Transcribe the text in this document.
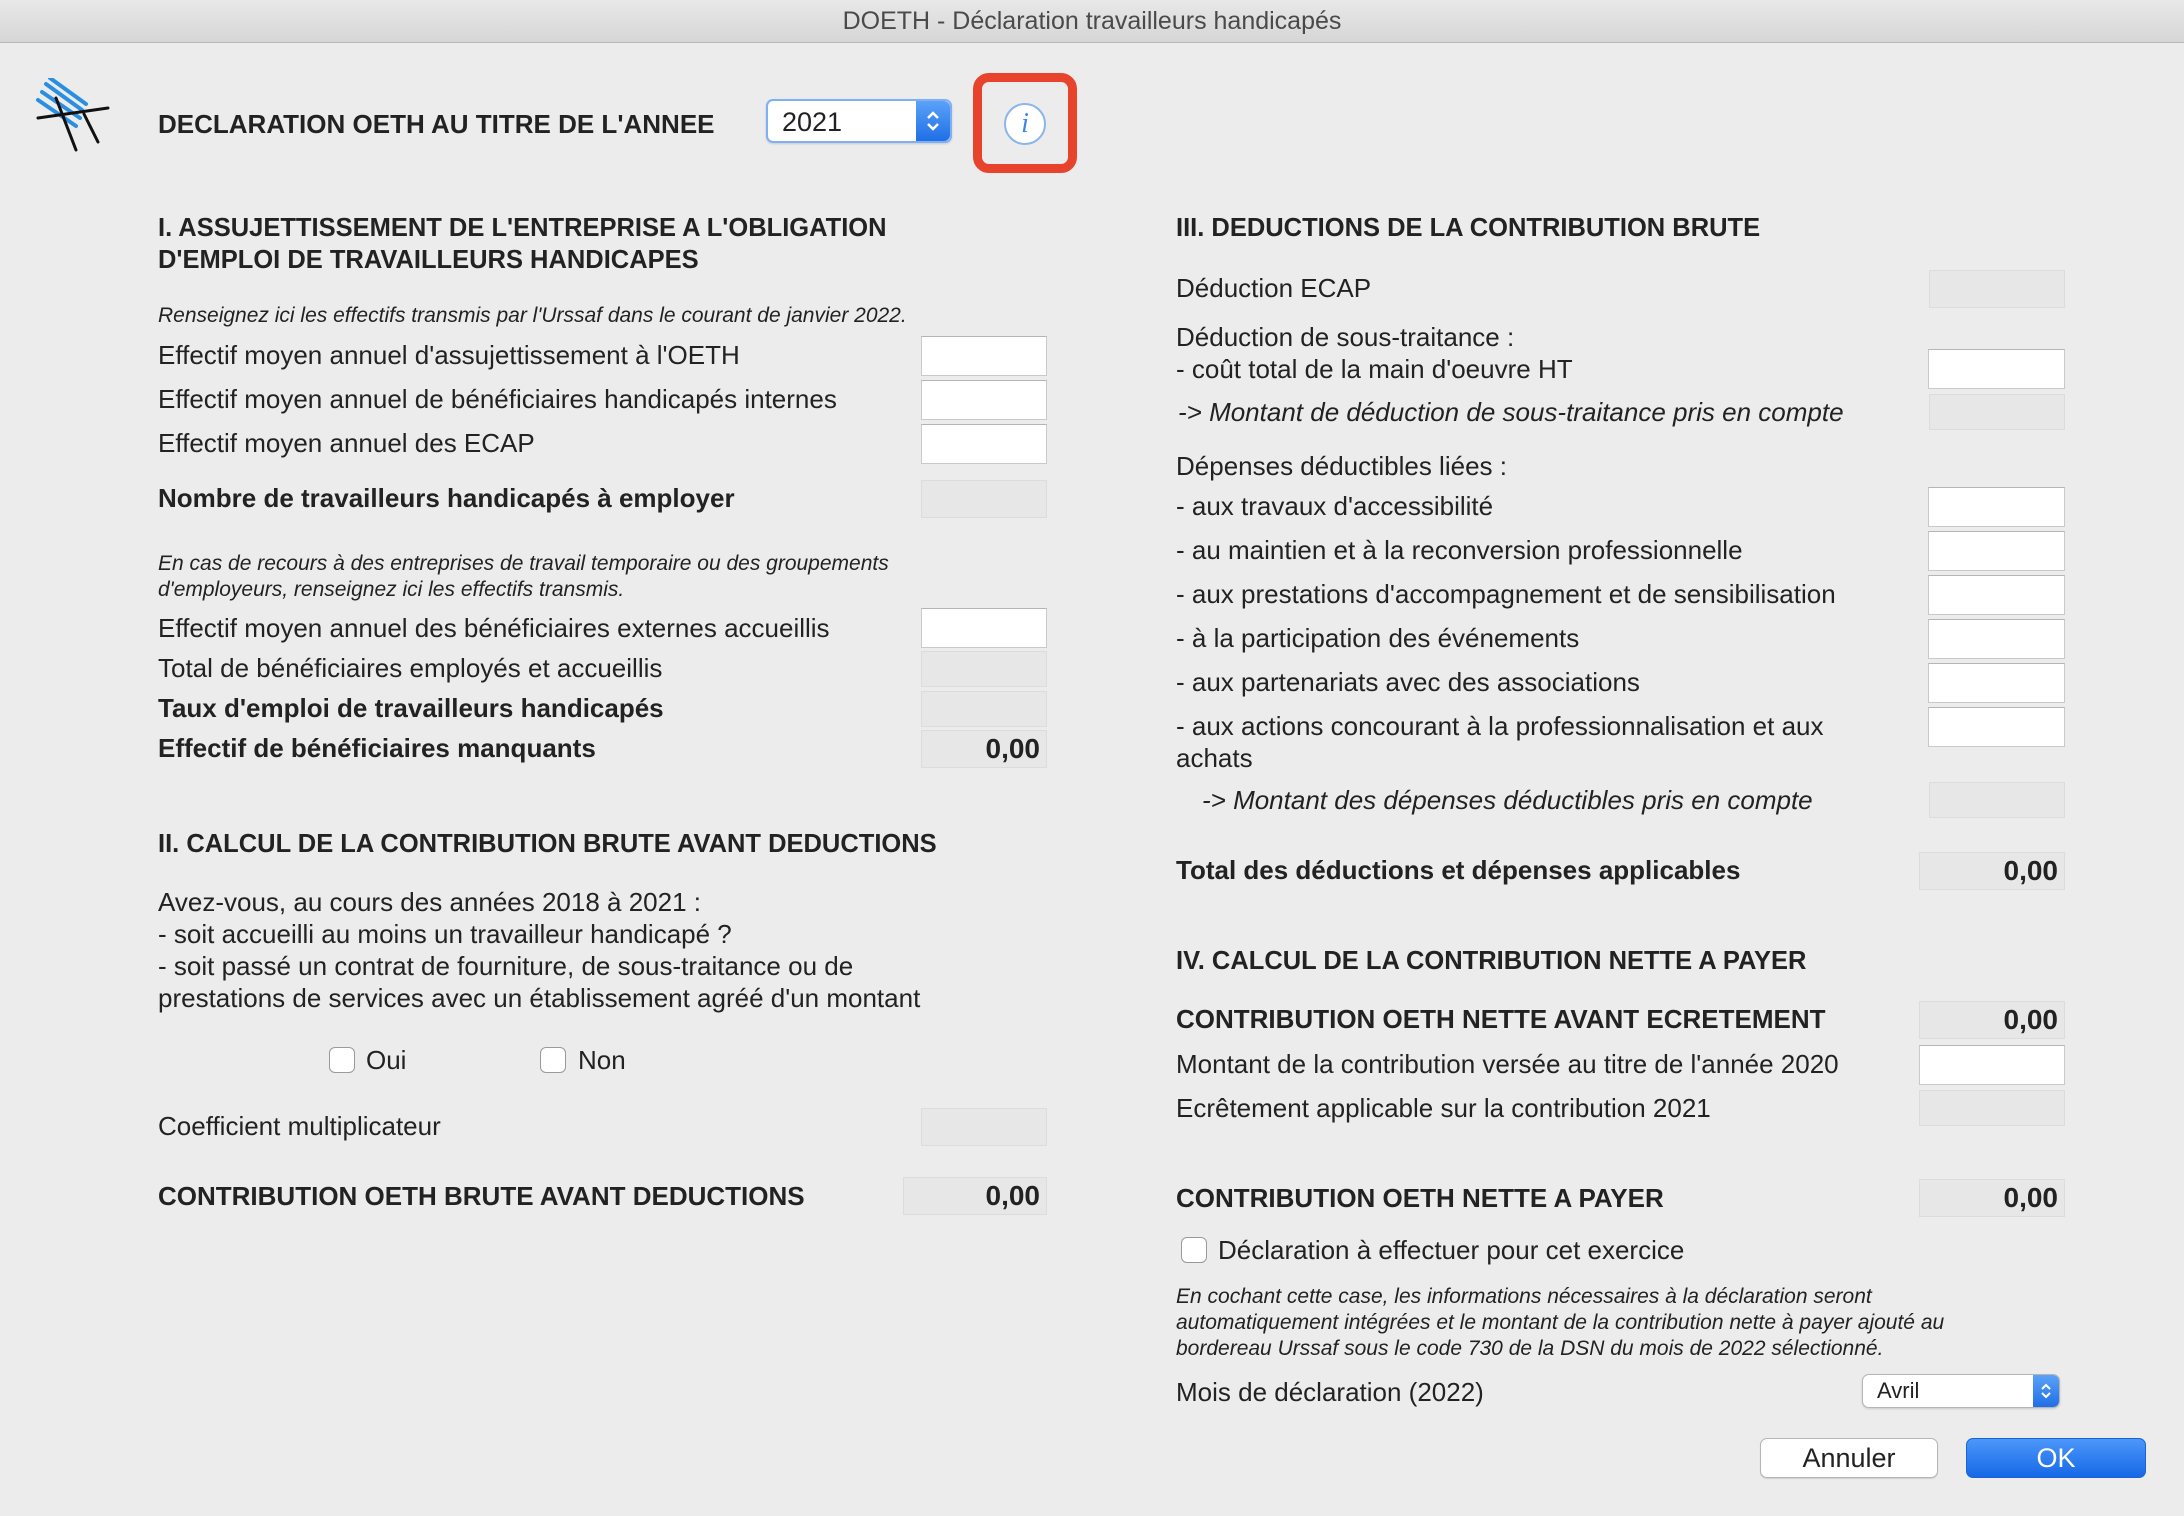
DOETH - Déclaration travailleurs handicapés
DECLARATION OETH AU TITRE DE L'ANNEE 2021	i
I. ASSUJETTISSEMENT DE L'ENTREPRISE A L'OBLIGATION
D'EMPLOI DE TRAVAILLEURS HANDICAPES
Renseignez ici les effectifs transmis par l'Urssaf dans le courant de janvier 2022.
Effectif moyen annuel d'assujettissement à l'OETH
Effectif moyen annuel de bénéficiaires handicapés internes
Effectif moyen annuel des ECAP
Nombre de travailleurs handicapés à employer
En cas de recours à des entreprises de travail temporaire ou des groupements
d'employeurs, renseignez ici les effectifs transmis.
Effectif moyen annuel des bénéficiaires externes accueillis
Total de bénéficiaires employés et accueillis
Taux d'emploi de travailleurs handicapés
Effectif de bénéficiaires manquants	0,00
II. CALCUL DE LA CONTRIBUTION BRUTE AVANT DEDUCTIONS
Avez-vous, au cours des années 2018 à 2021 :
- soit accueilli au moins un travailleur handicapé ?
- soit passé un contrat de fourniture, de sous-traitance ou de
prestations de services avec un établissement agréé d'un montant
Oui	Non
Coefficient multiplicateur
CONTRIBUTION OETH BRUTE AVANT DEDUCTIONS	0,00
III. DEDUCTIONS DE LA CONTRIBUTION BRUTE
Déduction ECAP
Déduction de sous-traitance :
- coût total de la main d'oeuvre HT
-> Montant de déduction de sous-traitance pris en compte
Dépenses déductibles liées :
- aux travaux d'accessibilité
- au maintien et à la reconversion professionnelle
- aux prestations d'accompagnement et de sensibilisation
- à la participation des événements
- aux partenariats avec des associations
- aux actions concourant à la professionnalisation et aux
achats
-> Montant des dépenses déductibles pris en compte
Total des déductions et dépenses applicables	0,00
IV. CALCUL DE LA CONTRIBUTION NETTE A PAYER
CONTRIBUTION OETH NETTE AVANT ECRETEMENT	0,00
Montant de la contribution versée au titre de l'année 2020
Ecrêtement applicable sur la contribution 2021
CONTRIBUTION OETH NETTE A PAYER	0,00
Déclaration à effectuer pour cet exercice
En cochant cette case, les informations nécessaires à la déclaration seront
automatiquement intégrées et le montant de la contribution nette à payer ajouté au
bordereau Urssaf sous le code 730 de la DSN du mois de 2022 sélectionné.
Mois de déclaration (2022)	Avril
Annuler	OK
